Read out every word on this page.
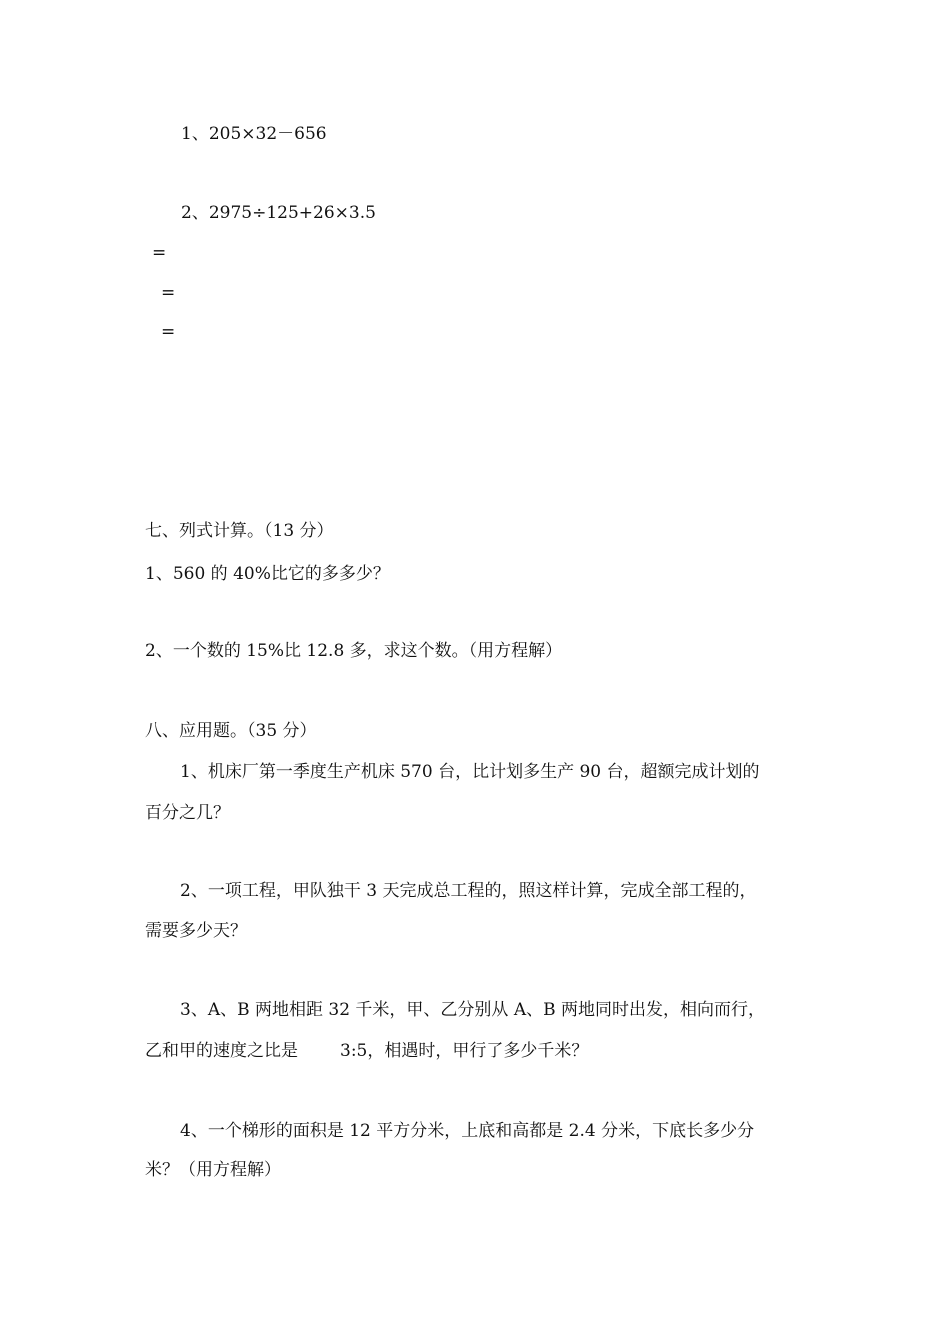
1、205×32－656
2、2975÷125+26×3.5
=
=
=
七、列式计算。（13 分）
1、560 的 40%比它的多多少？
2、一个数的 15%比 12.8 多，求这个数。（用方程解）
八、应用题。（35 分）
1、机床厂第一季度生产机床 570 台，比计划多生产 90 台，超额完成计划的
百分之几？
2、一项工程，甲队独干 3 天完成总工程的，照这样计算，完成全部工程的，
需要多少天？
3、A、B 两地相距 32 千米，甲、乙分别从 A、B 两地同时出发，相向而行，
乙和甲的速度之比是 3:5，相遇时，甲行了多少千米？
4、一个梯形的面积是 12 平方分米，上底和高都是 2.4 分米，下底长多少分
米？（用方程解）
